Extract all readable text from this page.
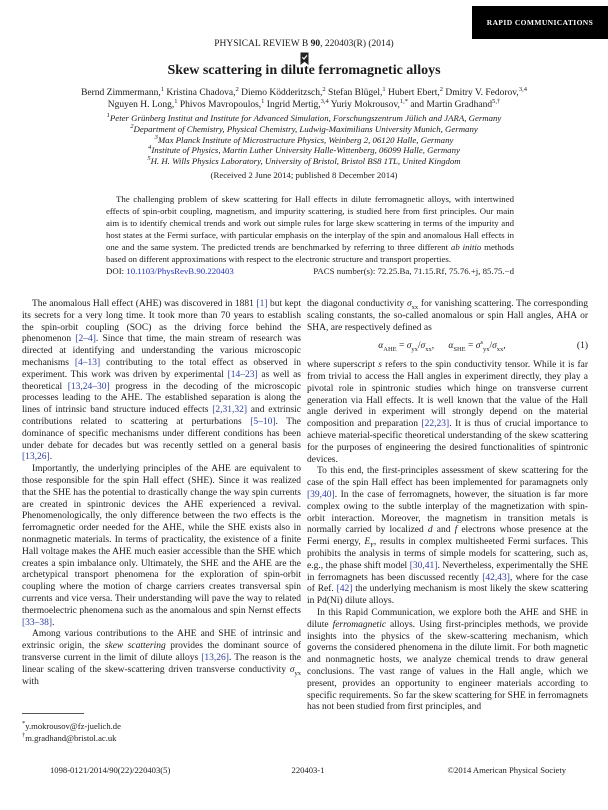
RAPID COMMUNICATIONS
PHYSICAL REVIEW B 90, 220403(R) (2014)
Skew scattering in dilute ferromagnetic alloys
Bernd Zimmermann,$^1$ Kristina Chadova,$^2$ Diemo Ködderitzsch,$^2$ Stefan Blügel,$^1$ Hubert Ebert,$^2$ Dmitry V. Fedorov,$^{3,4}$
Nguyen H. Long,$^1$ Phivos Mavropoulos,$^1$ Ingrid Mertig,$^{3,4}$ Yuriy Mokrousov,$^{1,*}$ and Martin Gradhand$^{5,\dagger}$
$^1$Peter Grünberg Institut and Institute for Advanced Simulation, Forschungszentrum Jülich and JARA, Germany
$^2$Department of Chemistry, Physical Chemistry, Ludwig-Maximilians University Munich, Germany
$^3$Max Planck Institute of Microstructure Physics, Weinberg 2, 06120 Halle, Germany
$^4$Institute of Physics, Martin Luther University Halle-Wittenberg, 06099 Halle, Germany
$^5$H. H. Wills Physics Laboratory, University of Bristol, Bristol BS8 1TL, United Kingdom
(Received 2 June 2014; published 8 December 2014)

The challenging problem of skew scattering for Hall effects in dilute ferromagnetic alloys, with intertwined effects of spin-orbit coupling, magnetism, and impurity scattering, is studied here from first principles. Our main aim is to identify chemical trends and work out simple rules for large skew scattering in terms of the impurity and host states at the Fermi surface, with particular emphasis on the interplay of the spin and anomalous Hall effects in one and the same system. The predicted trends are benchmarked by referring to three different ab initio methods based on different approximations with respect to the electronic structure and transport properties.

DOI: 10.1103/PhysRevB.90.220403	PACS number(s): 72.25.Ba, 71.15.Rf, 75.76.+j, 85.75.−d

The anomalous Hall effect (AHE) was discovered in 1881 [1] but kept its secrets for a very long time. It took more than 70 years to establish the spin-orbit coupling (SOC) as the driving force behind the phenomenon [2–4]. Since that time, the main stream of research was directed at identifying and understanding the various microscopic mechanisms [4–13] contributing to the total effect as observed in experiment. This work was driven by experimental [14–23] as well as theoretical [13,24–30] progress in the decoding of the microscopic processes leading to the AHE. The established separation is along the lines of intrinsic band structure induced effects [2,31,32] and extrinsic contributions related to scattering at perturbations [5–10]. The dominance of specific mechanisms under different conditions has been under debate for decades but was recently settled on a general basis [13,26].

Importantly, the underlying principles of the AHE are equivalent to those responsible for the spin Hall effect (SHE). Since it was realized that the SHE has the potential to drastically change the way spin currents are created in spintronic devices the AHE experienced a revival. Phenomenologically, the only difference between the two effects is the ferromagnetic order needed for the AHE, while the SHE exists also in nonmagnetic materials. In terms of practicality, the existence of a finite Hall voltage makes the AHE much easier accessible than the SHE which creates a spin imbalance only. Ultimately, the SHE and the AHE are the archetypical transport phenomena for the exploration of spin-orbit coupling where the motion of charge carriers creates transversal spin currents and vice versa. Their understanding will pave the way to related thermoelectric phenomena such as the anomalous and spin Nernst effects [33–38].

Among various contributions to the AHE and SHE of intrinsic and extrinsic origin, the skew scattering provides the dominant source of transverse current in the limit of dilute alloys [13,26]. The reason is the linear scaling of the skew-scattering driven transverse conductivity $\sigma_{yx}$ with

the diagonal conductivity $\sigma_{xx}$ for vanishing scattering. The corresponding scaling constants, the so-called anomalous or spin Hall angles, AHA or SHA, are respectively defined as

$\alpha_{AHE} = \sigma_{yx}/\sigma_{xx}$,  $\alpha_{SHE} = \sigma^s_{yx}/\sigma_{xx}$,	(1)

where superscript s refers to the spin conductivity tensor. While it is far from trivial to access the Hall angles in experiment directly, they play a pivotal role in spintronic studies which hinge on transverse current generation via Hall effects. It is well known that the value of the Hall angle derived in experiment will strongly depend on the material composition and preparation [22,23]. It is thus of crucial importance to achieve material-specific theoretical understanding of the skew scattering for the purposes of engineering the desired functionalities of spintronic devices.

To this end, the first-principles assessment of skew scattering for the case of the spin Hall effect has been implemented for paramagnets only [39,40]. In the case of ferromagnets, however, the situation is far more complex owing to the subtle interplay of the magnetization with spin-orbit interaction. Moreover, the magnetism in transition metals is normally carried by localized d and f electrons whose presence at the Fermi energy, $E_F$, results in complex multisheeted Fermi surfaces. This prohibits the analysis in terms of simple models for scattering, such as, e.g., the phase shift model [30,41]. Nevertheless, experimentally the SHE in ferromagnets has been discussed recently [42,43], where for the case of Ref. [42] the underlying mechanism is most likely the skew scattering in Pd(Ni) dilute alloys.

In this Rapid Communication, we explore both the AHE and SHE in dilute ferromagnetic alloys. Using first-principles methods, we provide insights into the physics of the skew-scattering mechanism, which governs the considered phenomena in the dilute limit. For both magnetic and nonmagnetic hosts, we analyze chemical trends to draw general conclusions. The vast range of values in the Hall angle, which we present, provides an opportunity to engineer materials according to specific requirements. So far the skew scattering for SHE in ferromagnets has not been studied from first principles, and

*y.mokrousov@fz-juelich.de
†m.gradhand@bristol.ac.uk
1098-0121/2014/90(22)/220403(5)	220403-1	©2014 American Physical Society
